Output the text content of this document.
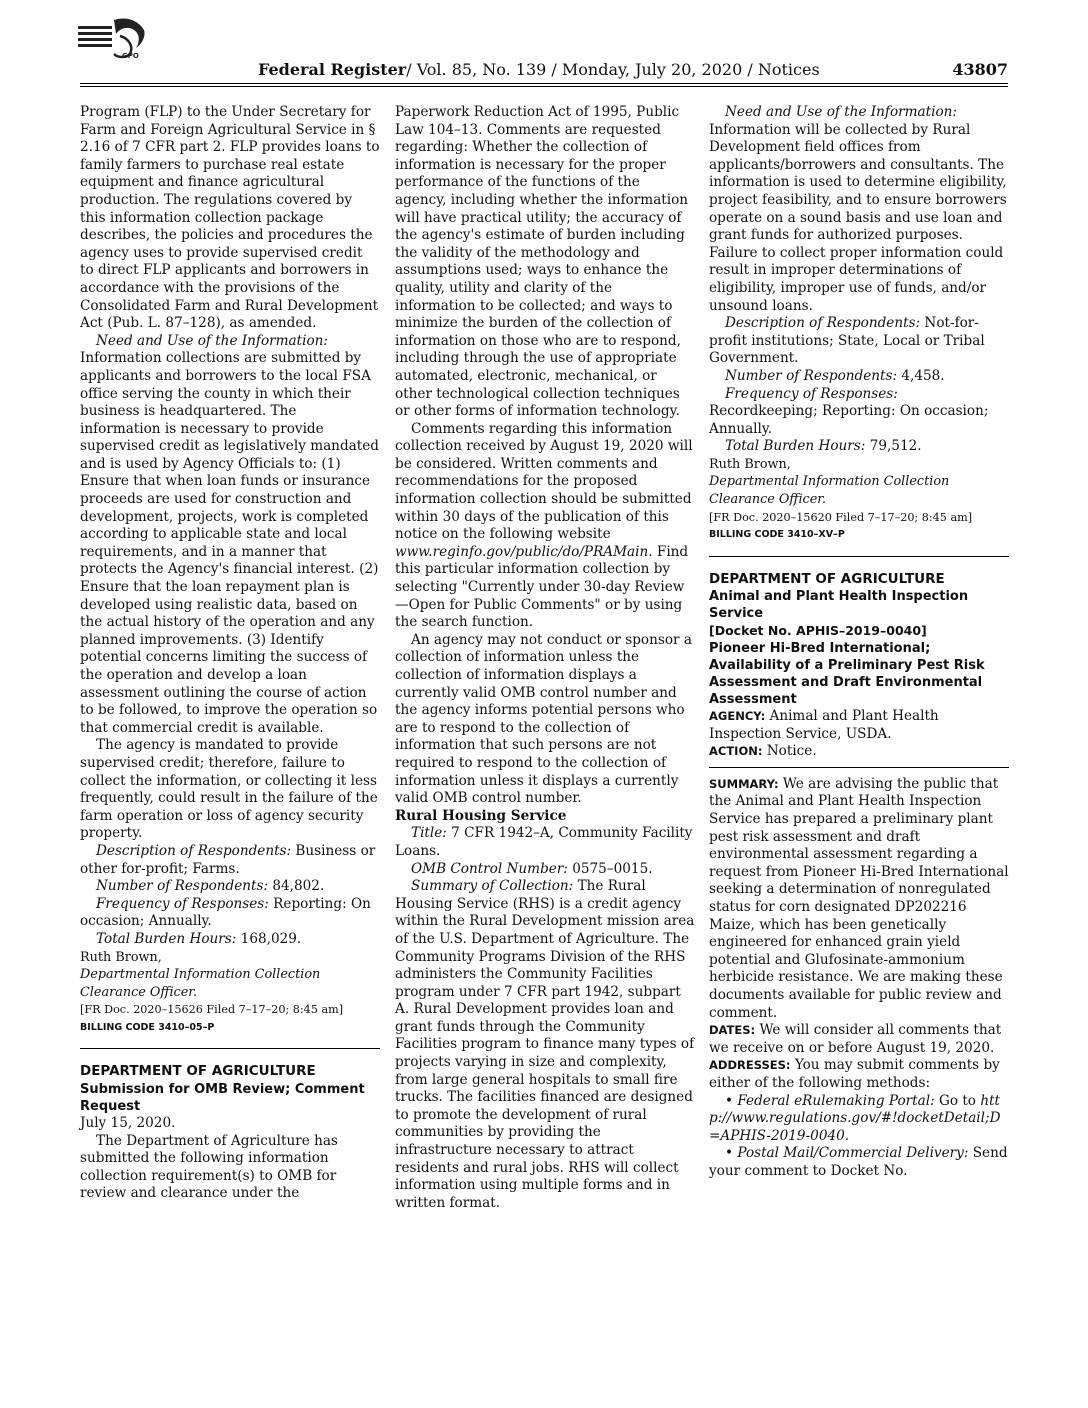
GPO
Federal Register/ Vol. 85, No. 139 / Monday, July 20, 2020 / Notices	43807

Program (FLP) to the Under Secretary for Farm and Foreign Agricultural Service in § 2.16 of 7 CFR part 2. FLP provides loans to family farmers to purchase real estate equipment and finance agricultural production. The regulations covered by this information collection package describes, the policies and procedures the agency uses to provide supervised credit to direct FLP applicants and borrowers in accordance with the provisions of the Consolidated Farm and Rural Development Act (Pub. L. 87–128), as amended.

Need and Use of the Information: Information collections are submitted by applicants and borrowers to the local FSA office serving the county in which their business is headquartered. The information is necessary to provide supervised credit as legislatively mandated and is used by Agency Officials to: (1) Ensure that when loan funds or insurance proceeds are used for construction and development, projects, work is completed according to applicable state and local requirements, and in a manner that protects the Agency's financial interest. (2) Ensure that the loan repayment plan is developed using realistic data, based on the actual history of the operation and any planned improvements. (3) Identify potential concerns limiting the success of the operation and develop a loan assessment outlining the course of action to be followed, to improve the operation so that commercial credit is available.

The agency is mandated to provide supervised credit; therefore, failure to collect the information, or collecting it less frequently, could result in the failure of the farm operation or loss of agency security property.

Description of Respondents: Business or other for-profit; Farms.

Number of Respondents: 84,802.

Frequency of Responses: Reporting: On occasion; Annually.

Total Burden Hours: 168,029.

Ruth Brown,

Departmental Information Collection Clearance Officer.

[FR Doc. 2020–15626 Filed 7–17–20; 8:45 am]

BILLING CODE 3410–05–P

DEPARTMENT OF AGRICULTURE

Submission for OMB Review; Comment Request

July 15, 2020.

The Department of Agriculture has submitted the following information collection requirement(s) to OMB for review and clearance under the

Paperwork Reduction Act of 1995, Public Law 104–13. Comments are requested regarding: Whether the collection of information is necessary for the proper performance of the functions of the agency, including whether the information will have practical utility; the accuracy of the agency's estimate of burden including the validity of the methodology and assumptions used; ways to enhance the quality, utility and clarity of the information to be collected; and ways to minimize the burden of the collection of information on those who are to respond, including through the use of appropriate automated, electronic, mechanical, or other technological collection techniques or other forms of information technology.

Comments regarding this information collection received by August 19, 2020 will be considered. Written comments and recommendations for the proposed information collection should be submitted within 30 days of the publication of this notice on the following website www.reginfo.gov/public/do/PRAMain. Find this particular information collection by selecting "Currently under 30-day Review—Open for Public Comments" or by using the search function.

An agency may not conduct or sponsor a collection of information unless the collection of information displays a currently valid OMB control number and the agency informs potential persons who are to respond to the collection of information that such persons are not required to respond to the collection of information unless it displays a currently valid OMB control number.

Rural Housing Service

Title: 7 CFR 1942–A, Community Facility Loans.

OMB Control Number: 0575–0015.

Summary of Collection: The Rural Housing Service (RHS) is a credit agency within the Rural Development mission area of the U.S. Department of Agriculture. The Community Programs Division of the RHS administers the Community Facilities program under 7 CFR part 1942, subpart A. Rural Development provides loan and grant funds through the Community Facilities program to finance many types of projects varying in size and complexity, from large general hospitals to small fire trucks. The facilities financed are designed to promote the development of rural communities by providing the infrastructure necessary to attract residents and rural jobs. RHS will collect information using multiple forms and in written format.

Need and Use of the Information: Information will be collected by Rural Development field offices from applicants/borrowers and consultants. The information is used to determine eligibility, project feasibility, and to ensure borrowers operate on a sound basis and use loan and grant funds for authorized purposes. Failure to collect proper information could result in improper determinations of eligibility, improper use of funds, and/or unsound loans.

Description of Respondents: Not-for-profit institutions; State, Local or Tribal Government.

Number of Respondents: 4,458.

Frequency of Responses: Recordkeeping; Reporting: On occasion; Annually.

Total Burden Hours: 79,512.

Ruth Brown,

Departmental Information Collection Clearance Officer.

[FR Doc. 2020–15620 Filed 7–17–20; 8:45 am]

BILLING CODE 3410–XV–P

DEPARTMENT OF AGRICULTURE

Animal and Plant Health Inspection Service

[Docket No. APHIS–2019–0040]

Pioneer Hi-Bred International; Availability of a Preliminary Pest Risk Assessment and Draft Environmental Assessment

AGENCY: Animal and Plant Health Inspection Service, USDA.

ACTION: Notice.

SUMMARY: We are advising the public that the Animal and Plant Health Inspection Service has prepared a preliminary plant pest risk assessment and draft environmental assessment regarding a request from Pioneer Hi-Bred International seeking a determination of nonregulated status for corn designated DP202216 Maize, which has been genetically engineered for enhanced grain yield potential and Glufosinate-ammonium herbicide resistance. We are making these documents available for public review and comment.

DATES: We will consider all comments that we receive on or before August 19, 2020.

ADDRESSES: You may submit comments by either of the following methods:

• Federal eRulemaking Portal: Go to http://www.regulations.gov/#!docketDetail;D=APHIS-2019-0040.

• Postal Mail/Commercial Delivery: Send your comment to Docket No.
